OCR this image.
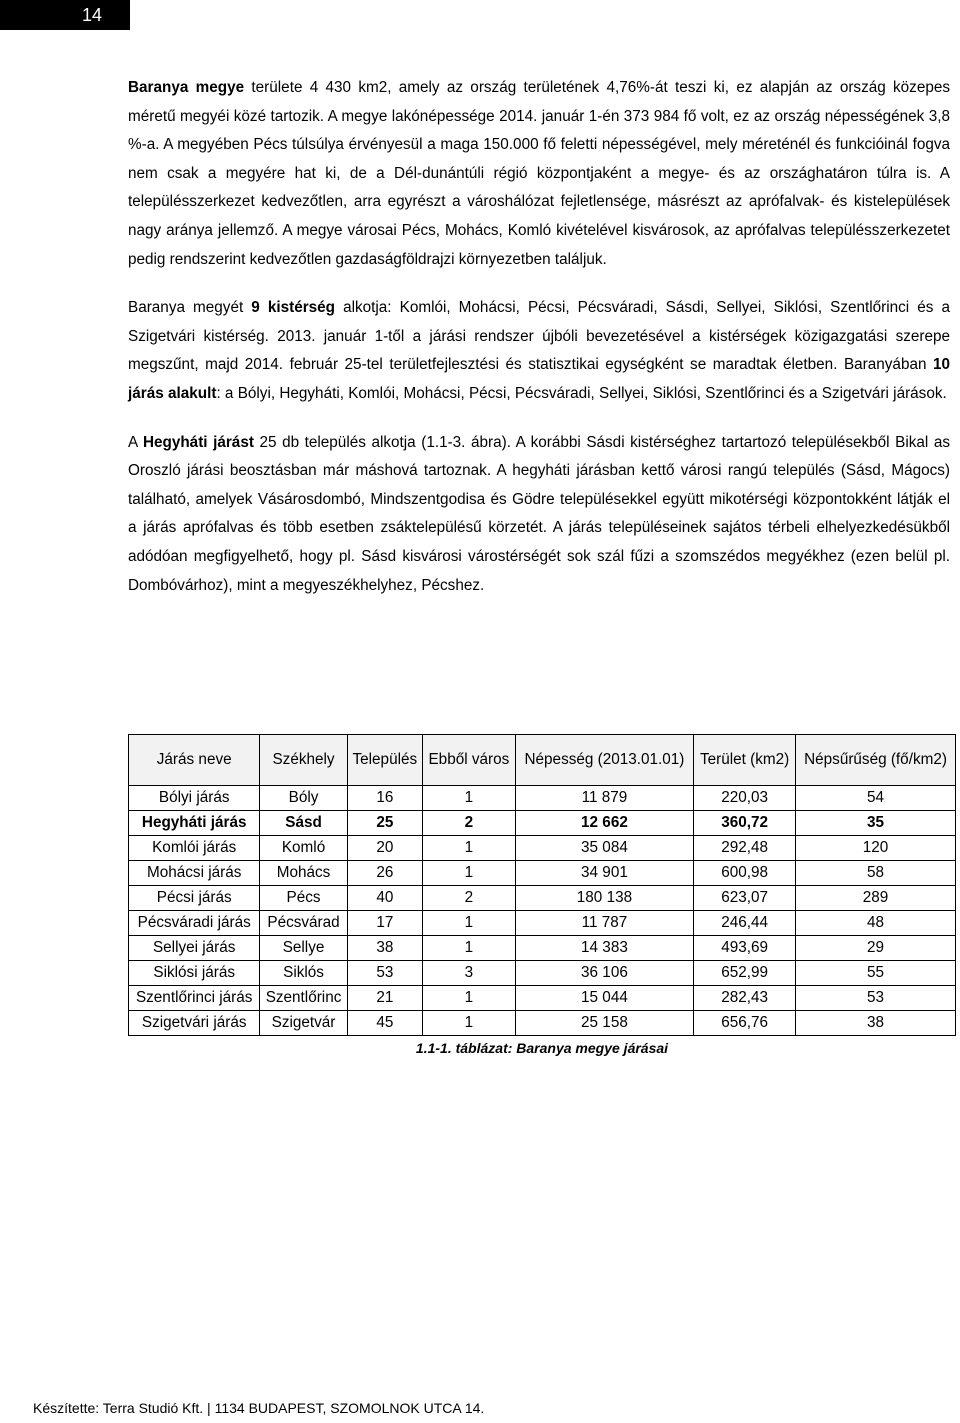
14

Baranya megye területe 4 430 km2, amely az ország területének 4,76%-át teszi ki, ez alapján az ország közepes méretű megyéi közé tartozik. A megye lakónépessége 2014. január 1-én 373 984 fő volt, ez az ország népességének 3,8 %-a. A megyében Pécs túlsúlya érvényesül a maga 150.000 fő feletti népességével, mely méreténél és funkcióinál fogva nem csak a megyére hat ki, de a Dél-dunántúli régió központjaként a megye- és az országhatáron túlra is. A településszerkezet kedvezőtlen, arra egyrészt a városhálózat fejletlensége, másrészt az aprófalvak- és kistelepülések nagy aránya jellemző. A megye városai Pécs, Mohács, Komló kivételével kisvárosok, az aprófalvas településszerkezetet pedig rendszerint kedvezőtlen gazdaságföldrajzi környezetben találjuk.

Baranya megyét 9 kistérség alkotja: Komlói, Mohácsi, Pécsi, Pécsváradi, Sásdi, Sellyei, Siklósi, Szentlőrinci és a Szigetvári kistérség. 2013. január 1-től a járási rendszer újbóli bevezetésével a kistérségek közigazgatási szerepe megszűnt, majd 2014. február 25-tel területfejlesztési és statisztikai egységként se maradtak életben. Baranyában 10 járás alakult: a Bólyi, Hegyháti, Komlói, Mohácsi, Pécsi, Pécsváradi, Sellyei, Siklósi, Szentlőrinci és a Szigetvári járások.

A Hegyháti járást 25 db település alkotja (1.1-3. ábra). A korábbi Sásdi kistérséghez tartartozó településekből Bikal as Oroszló járási beosztásban már máshová tartoznak. A hegyháti járásban kettő városi rangú település (Sásd, Mágocs) található, amelyek Vásárosdombó, Mindszentgodisa és Gödre településekkel együtt mikotérségi központokként látják el a járás aprófalvas és több esetben zsáktelepülésű körzetét. A járás településeinek sajátos térbeli elhelyezkedésükből adódóan megfigyelhető, hogy pl. Sásd kisvárosi várostérségét sok szál fűzi a szomszédos megyékhez (ezen belül pl. Dombóvárhoz), mint a megyeszékhelyhez, Pécshez.

Járás neve	Székhely	Település	Ebből város	Népesség (2013.01.01)	Terület (km2)	Népsűrűség (fő/km2)
Bólyi járás	Bóly	16	1	11 879	220,03	54
Hegyháti járás	Sásd	25	2	12 662	360,72	35
Komlói járás	Komló	20	1	35 084	292,48	120
Mohácsi járás	Mohács	26	1	34 901	600,98	58
Pécsi járás	Pécs	40	2	180 138	623,07	289
Pécsváradi járás	Pécsvárad	17	1	11 787	246,44	48
Sellyei járás	Sellye	38	1	14 383	493,69	29
Siklósi járás	Siklós	53	3	36 106	652,99	55
Szentlőrinci járás	Szentlőrinc	21	1	15 044	282,43	53
Szigetvári járás	Szigetvár	45	1	25 158	656,76	38
1.1-1. táblázat: Baranya megye járásai
Készítette: Terra Studió Kft. | 1134 BUDAPEST, SZOMOLNOK UTCA 14.
